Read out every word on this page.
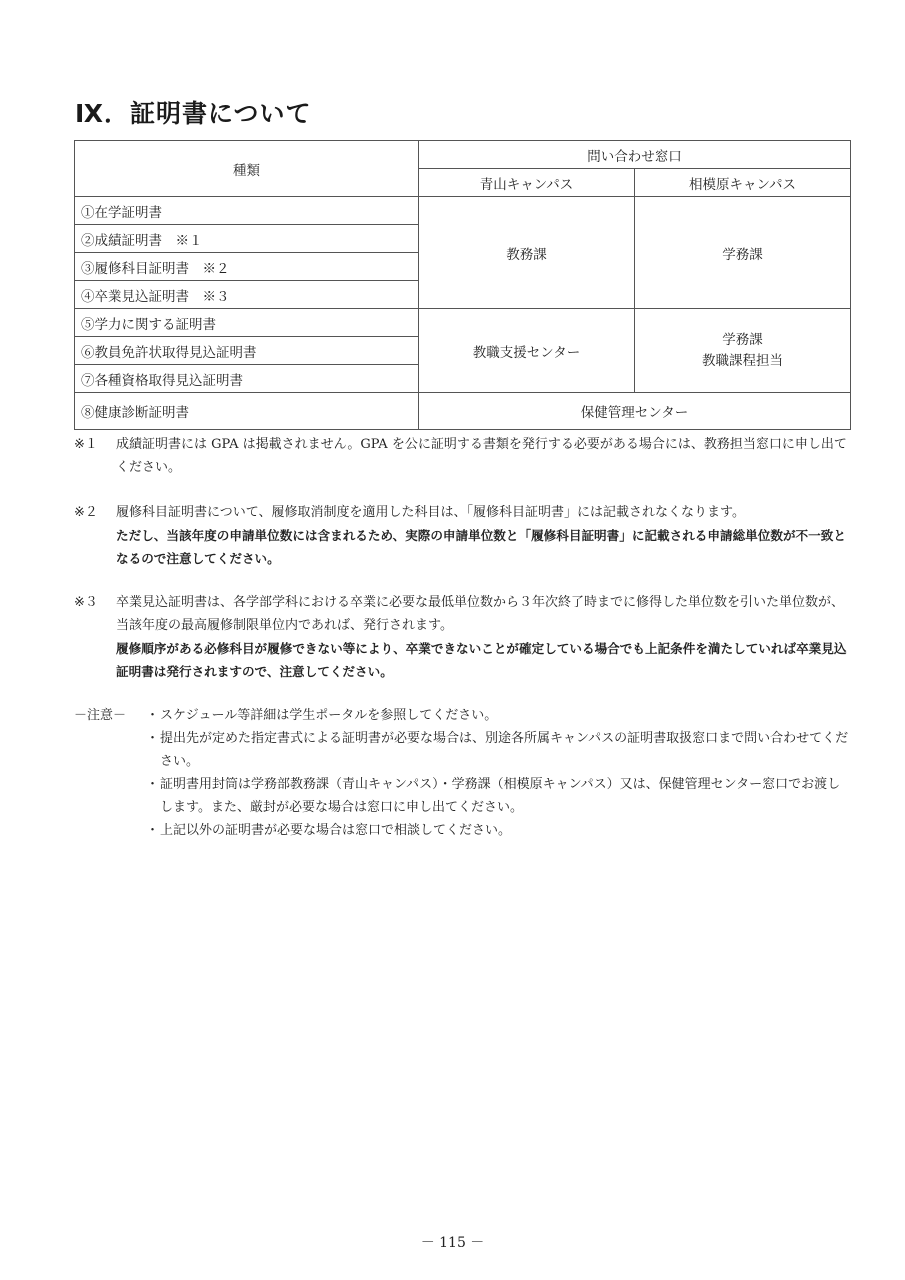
Ⅸ．証明書について
種類	問い合わせ窓口	
	青山キャンパス	相模原キャンパス
①在学証明書	教務課	学務課
②成績証明書　※１		
③履修科目証明書　※２		
④卒業見込証明書　※３		
⑤学力に関する証明書	教職支援センター	学務課
教職課程担当

⑥教員免許状取得見込証明書		
⑦各種資格取得見込証明書		
⑧健康診断証明書	保健管理センター	
※１	成績証明書には GPA は掲載されません。GPA を公に証明する書類を発行する必要がある場合には、教務担当窓口に申し出てください。
※２	履修科目証明書について、履修取消制度を適用した科目は、「履修科目証明書」には記載されなくなります。
ただし、当該年度の申請単位数には含まれるため、実際の申請単位数と「履修科目証明書」に記載される申請総単位数が不一致となるので注意してください。
※３	卒業見込証明書は、各学部学科における卒業に必要な最低単位数から３年次終了時までに修得した単位数を引いた単位数が、当該年度の最高履修制限単位内であれば、発行されます。
履修順序がある必修科目が履修できない等により、卒業できないことが確定している場合でも上記条件を満たしていれば卒業見込証明書は発行されますので、注意してください。
－注意－	・ スケジュール等詳細は学生ポータルを参照してください。
・ 提出先が定めた指定書式による証明書が必要な場合は、別途各所属キャンパスの証明書取扱窓口まで問い合わせてください。
・ 証明書用封筒は学務部教務課（青山キャンパス）・学務課（相模原キャンパス）又は、保健管理センター窓口でお渡しします。また、厳封が必要な場合は窓口に申し出てください。
・ 上記以外の証明書が必要な場合は窓口で相談してください。
－ 115 －
